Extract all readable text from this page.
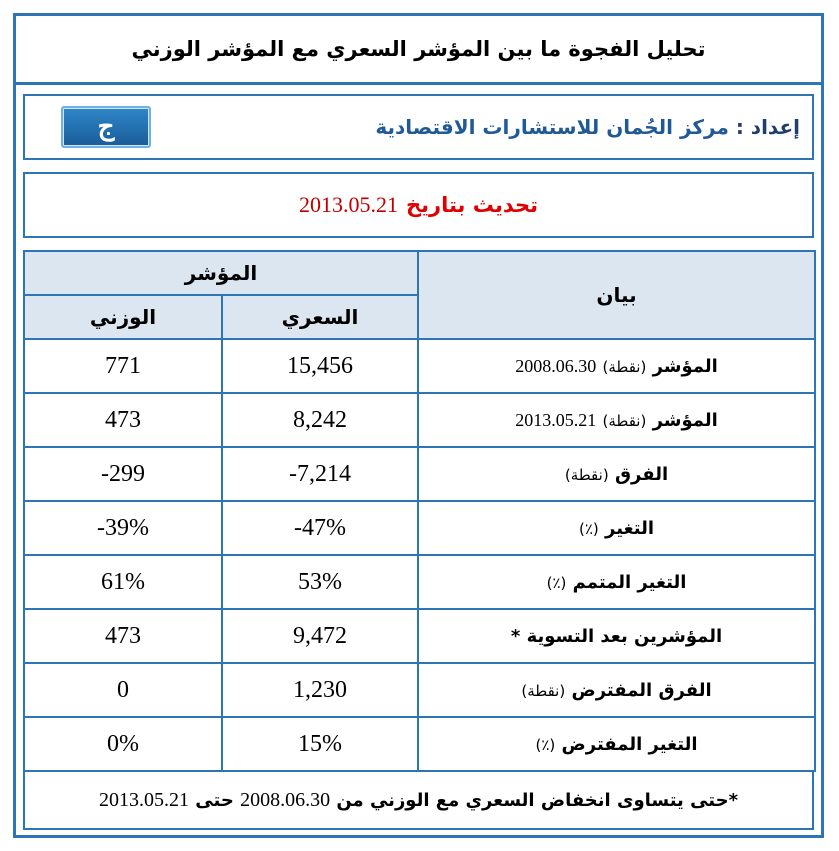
تحليل الفجوة ما بين المؤشر السعري مع المؤشر الوزني
إعداد : مركز الجُمان للاستشارات الاقتصادية
ج
تحديث بتاريخ
2013.05.21
بيان	المؤشر	
	السعري	الوزني
المؤشر (نقطة) 2008.06.30	15,456	771
المؤشر (نقطة) 2013.05.21	8,242	473
الفرق (نقطة)	-7,214	-299
التغير (٪)	-47%	-39%
التغير المتمم (٪)	53%	61%
المؤشرين بعد التسوية *	9,472	473
الفرق المفترض (نقطة)	1,230	0
التغير المفترض (٪)	15%	0%
*حتى يتساوى انخفاض السعري مع الوزني من

2008.06.30

حتى

2013.05.21
